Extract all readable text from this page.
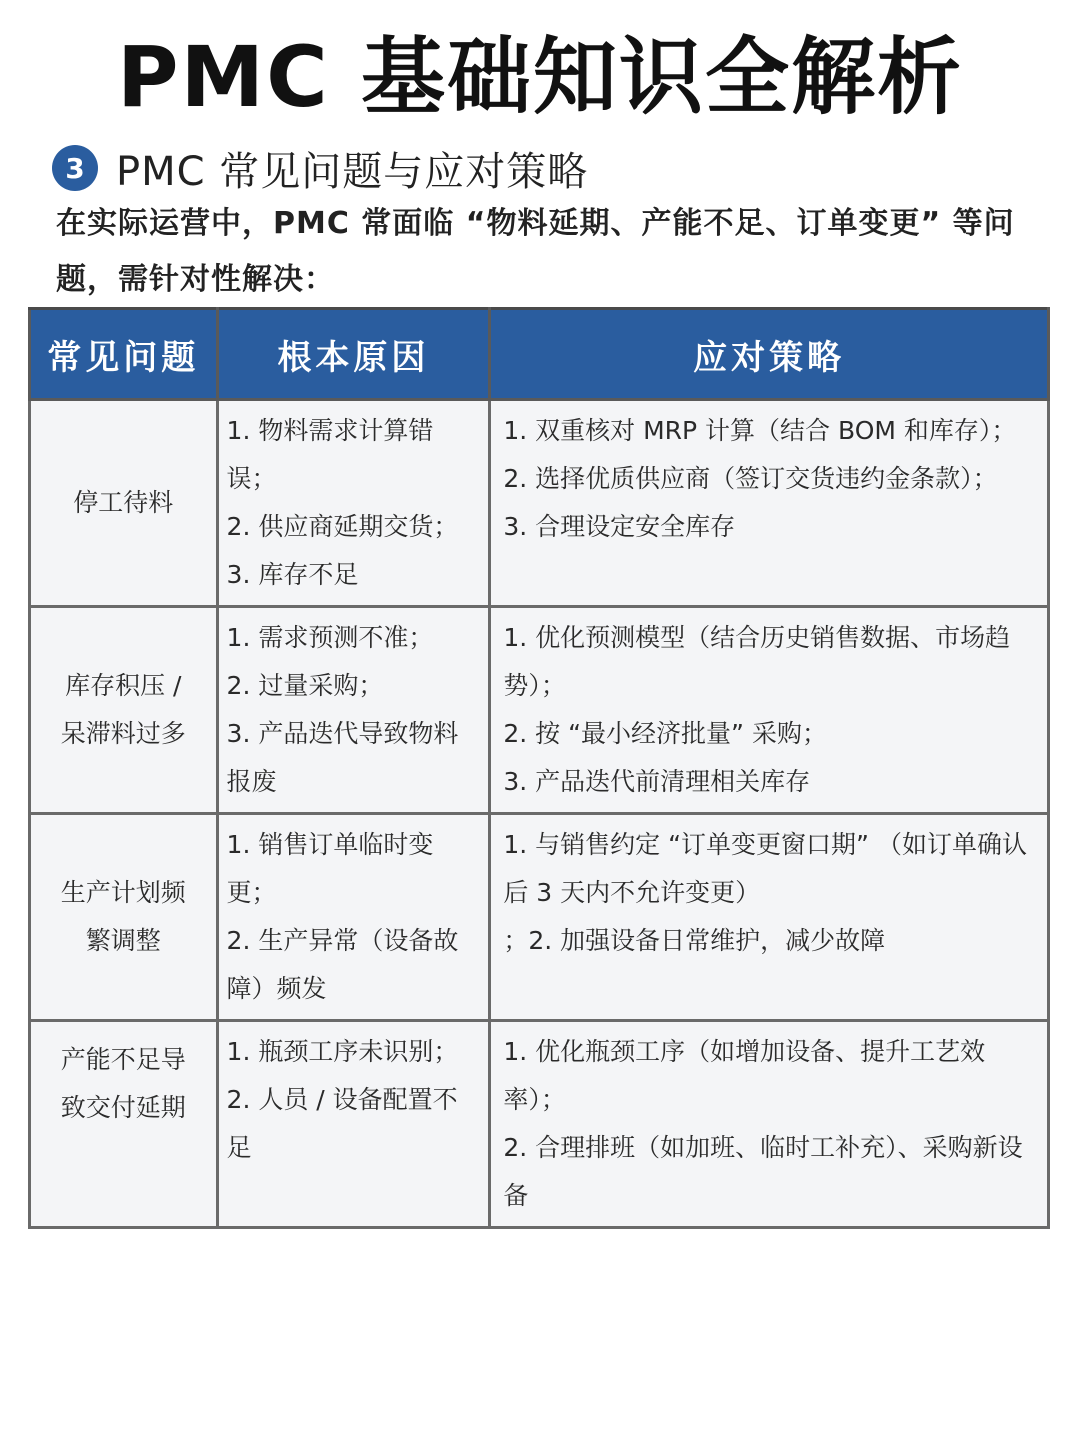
PMC 基础知识全解析
3 PMC 常见问题与应对策略
在实际运营中，PMC 常面临 “物料延期、产能不足、订单变更” 等问题，需针对性解决：
常见问题	根本原因	应对策略

停工待料	1. 物料需求计算错误；
2. 供应商延期交货；
3. 库存不足	1. 双重核对 MRP 计算（结合 BOM 和库存）；
2. 选择优质供应商（签订交货违约金条款）；
3. 合理设定安全库存

库存积压 /
呆滞料过多	1. 需求预测不准；
2. 过量采购；
3. 产品迭代导致物料报废	1. 优化预测模型（结合历史销售数据、市场趋势）；
2. 按 “最小经济批量” 采购；
3. 产品迭代前清理相关库存

生产计划频
繁调整	1. 销售订单临时变更；
2. 生产异常（设备故障）频发	1. 与销售约定 “订单变更窗口期” （如订单确认后 3 天内不允许变更）
；2. 加强设备日常维护，减少故障

产能不足导
致交付延期	1. 瓶颈工序未识别；
2. 人员 / 设备配置不足	1. 优化瓶颈工序（如增加设备、提升工艺效率）；
2. 合理排班（如加班、临时工补充）、采购新设备
